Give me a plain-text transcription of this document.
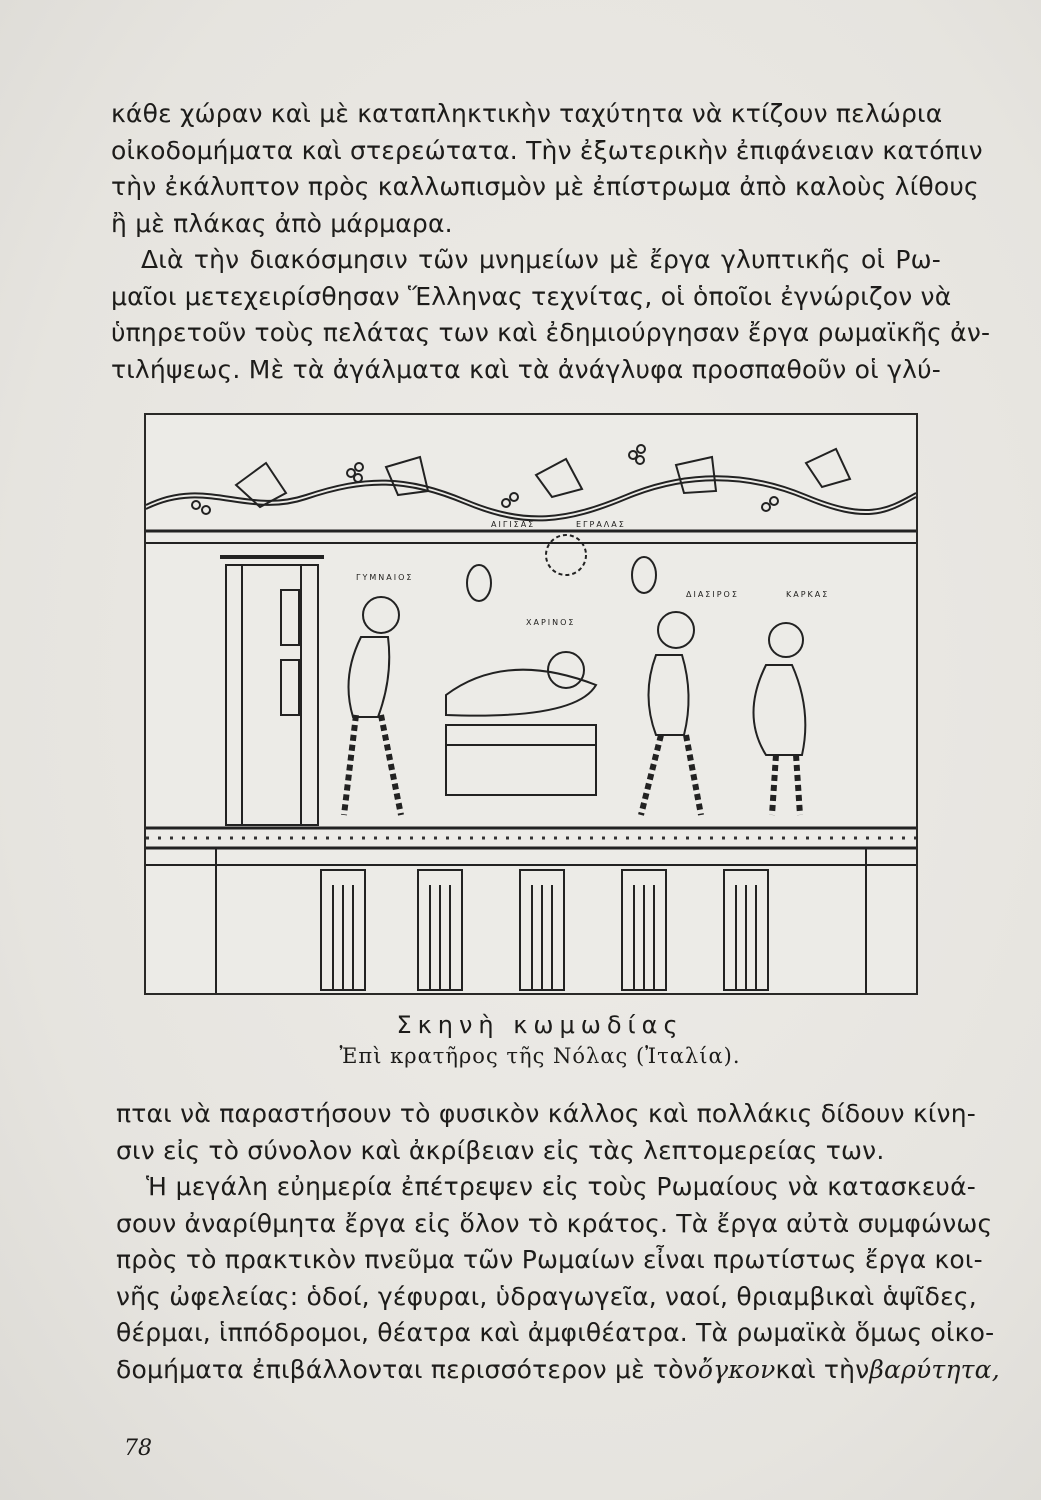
κάθε χώραν καὶ μὲ καταπληκτικὴν ταχύτητα νὰ κτίζουν πελώρια
οἰκοδομήματα καὶ στερεώτατα. Τὴν ἐξωτερικὴν ἐπιφάνειαν κατόπιν
τὴν ἐκάλυπτον πρὸς καλλωπισμὸν μὲ ἐπίστρωμα ἀπὸ καλοὺς λίθους
ἢ μὲ πλάκας ἀπὸ μάρμαρα.
Διὰ τὴν διακόσμησιν τῶν μνημείων μὲ ἔργα γλυπτικῆς οἱ Ρω-
μαῖοι μετεχειρίσθησαν Ἕλληνας τεχνίτας, οἱ ὁποῖοι ἐγνώριζον νὰ
ὑπηρετοῦν τοὺς πελάτας των καὶ ἐδημιούργησαν ἔργα ρωμαϊκῆς ἀν-
τιλήψεως. Μὲ τὰ ἀγάλματα καὶ τὰ ἀνάγλυφα προσπαθοῦν οἱ γλύ-
ΑΙΓΙΣΑΣ	ΕΓΡΑΛΑΣ
ΓΥΜΝΑΙΟΣ
ΧΑΡΙΝΟΣ
ΔΙΑΣΙΡΟΣ	ΚΑΡΚΑΣ
Σκηνὴ κωμωδίας
Ἐπὶ κρατῆρος τῆς Νόλας (Ἰταλία).
πται νὰ παραστήσουν τὸ φυσικὸν κάλλος καὶ πολλάκις δίδουν κίνη-
σιν εἰς τὸ σύνολον καὶ ἀκρίβειαν εἰς τὰς λεπτομερείας των.
Ἡ μεγάλη εὐημερία ἐπέτρεψεν εἰς τοὺς Ρωμαίους νὰ κατασκευά-
σουν ἀναρίθμητα ἔργα εἰς ὅλον τὸ κράτος. Τὰ ἔργα αὐτὰ συμφώνως
πρὸς τὸ πρακτικὸν πνεῦμα τῶν Ρωμαίων εἶναι πρωτίστως ἔργα κοι-
νῆς ὠφελείας: ὁδοί, γέφυραι, ὑδραγωγεῖα, ναοί, θριαμβικαὶ ἁψῖδες,
θέρμαι, ἱππόδρομοι, θέατρα καὶ ἀμφιθέατρα. Τὰ ρωμαϊκὰ ὅμως οἰκο-
δομήματα ἐπιβάλλονται περισσότερον μὲ τὸν ὄγκον καὶ τὴν βαρύτητα,
78
